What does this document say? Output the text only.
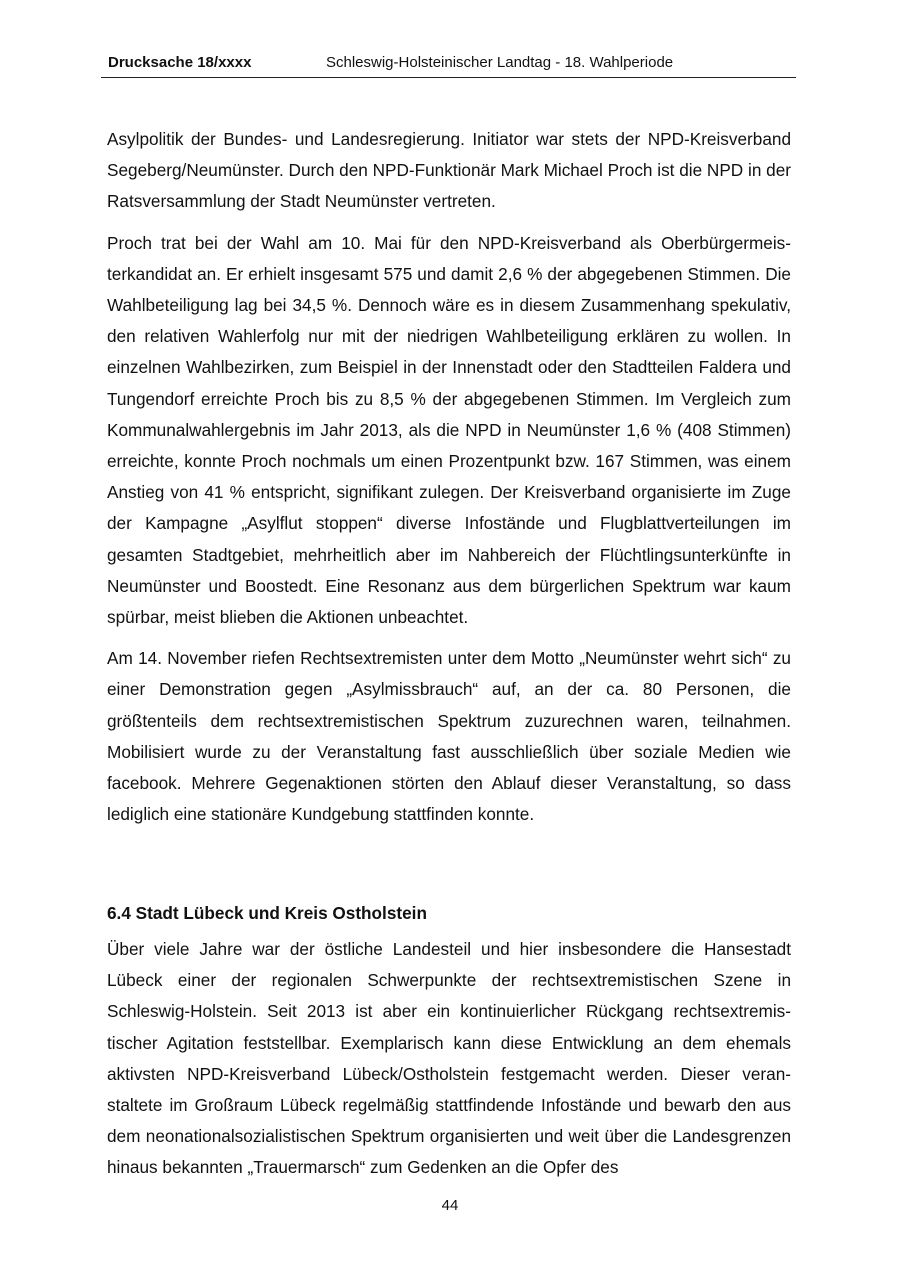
Drucksache 18/xxxx	Schleswig-Holsteinischer Landtag - 18. Wahlperiode

Asylpolitik der Bundes- und Landesregierung. Initiator war stets der NPD-Kreisverband Segeberg/Neumünster. Durch den NPD-Funktionär Mark Michael Proch ist die NPD in der Ratsversammlung der Stadt Neumünster vertreten.

Proch trat bei der Wahl am 10. Mai für den NPD-Kreisverband als Oberbürgermeisterkandidat an. Er erhielt insgesamt 575 und damit 2,6 % der abgegebenen Stimmen. Die Wahlbeteiligung lag bei 34,5 %. Dennoch wäre es in diesem Zusammenhang spekulativ, den relativen Wahlerfolg nur mit der niedrigen Wahlbeteiligung erklären zu wollen. In einzelnen Wahlbezirken, zum Beispiel in der Innenstadt oder den Stadtteilen Faldera und Tungendorf erreichte Proch bis zu 8,5 % der abgegebenen Stimmen. Im Vergleich zum Kommunalwahlergebnis im Jahr 2013, als die NPD in Neumünster 1,6 % (408 Stimmen) erreichte, konnte Proch nochmals um einen Prozentpunkt bzw. 167 Stimmen, was einem Anstieg von 41 % entspricht, signifikant zulegen. Der Kreisverband organisierte im Zuge der Kampagne „Asylflut stoppen“ diverse Infostände und Flugblattverteilungen im gesamten Stadtgebiet, mehrheitlich aber im Nahbereich der Flüchtlingsunterkünfte in Neumünster und Boostedt. Eine Resonanz aus dem bürgerlichen Spektrum war kaum spürbar, meist blieben die Aktionen unbeachtet.

Am 14. November riefen Rechtsextremisten unter dem Motto „Neumünster wehrt sich“ zu einer Demonstration gegen „Asylmissbrauch“ auf, an der ca. 80 Personen, die größtenteils dem rechtsextremistischen Spektrum zuzurechnen waren, teilnahmen. Mobilisiert wurde zu der Veranstaltung fast ausschließlich über soziale Medien wie facebook. Mehrere Gegenaktionen störten den Ablauf dieser Veranstaltung, so dass lediglich eine stationäre Kundgebung stattfinden konnte.

6.4 Stadt Lübeck und Kreis Ostholstein

Über viele Jahre war der östliche Landesteil und hier insbesondere die Hansestadt Lübeck einer der regionalen Schwerpunkte der rechtsextremistischen Szene in Schleswig-Holstein. Seit 2013 ist aber ein kontinuierlicher Rückgang rechtsextremistischer Agitation feststellbar. Exemplarisch kann diese Entwicklung an dem ehemals aktivsten NPD-Kreisverband Lübeck/Ostholstein festgemacht werden. Dieser veranstaltete im Großraum Lübeck regelmäßig stattfindende Infostände und bewarb den aus dem neonationalsozialistischen Spektrum organisierten und weit über die Landesgrenzen hinaus bekannten „Trauermarsch“ zum Gedenken an die Opfer des

44
